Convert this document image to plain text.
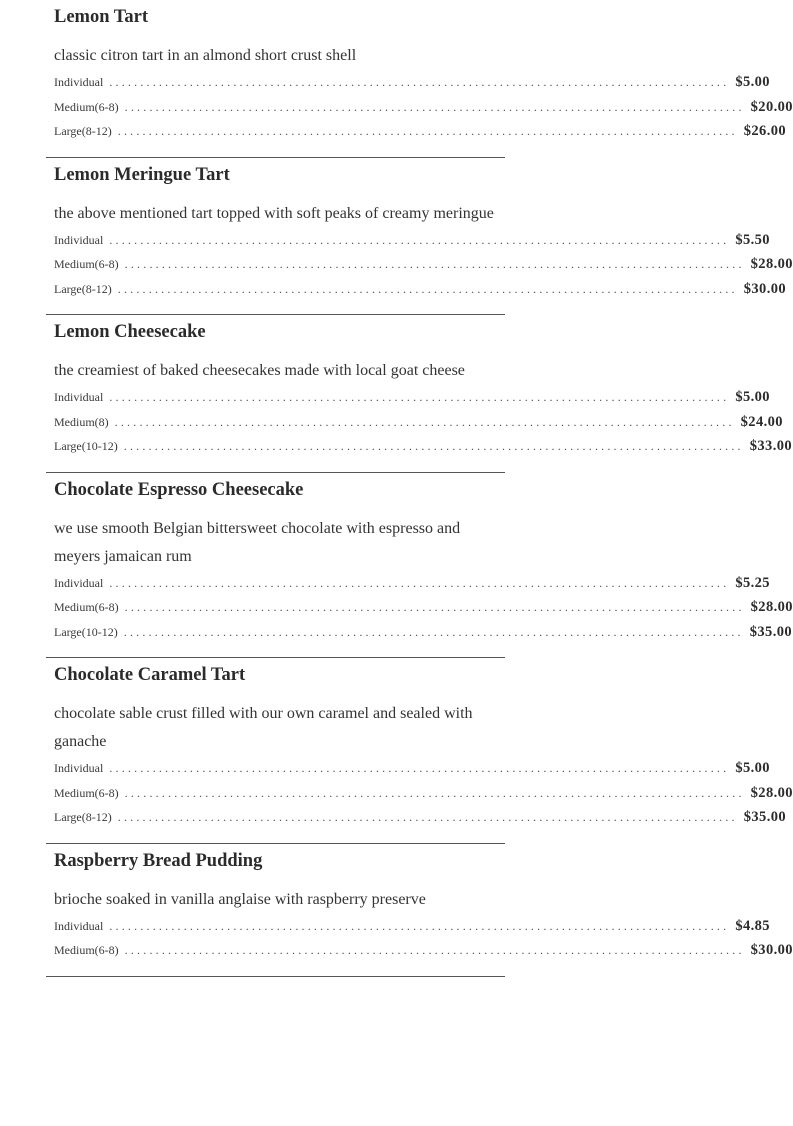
Lemon Tart

classic citron tart in an almond short crust shell

Individual .................................................................................................... $5.00
Medium(6-8) .................................................................................................... $20.00
Large(8-12) .................................................................................................... $26.00
Lemon Meringue Tart

the above mentioned tart topped with soft peaks of creamy meringue

Individual .................................................................................................... $5.50
Medium(6-8) .................................................................................................... $28.00
Large(8-12) .................................................................................................... $30.00
Lemon Cheesecake

the creamiest of baked cheesecakes made with local goat cheese

Individual .................................................................................................... $5.00
Medium(8) .................................................................................................... $24.00
Large(10-12) .................................................................................................... $33.00
Chocolate Espresso Cheesecake

we use smooth Belgian bittersweet chocolate with espresso and meyers jamaican rum

Individual .................................................................................................... $5.25
Medium(6-8) .................................................................................................... $28.00
Large(10-12) .................................................................................................... $35.00
Chocolate Caramel Tart

chocolate sable crust filled with our own caramel and sealed with ganache

Individual .................................................................................................... $5.00
Medium(6-8) .................................................................................................... $28.00
Large(8-12) .................................................................................................... $35.00
Raspberry Bread Pudding

brioche soaked in vanilla anglaise with raspberry preserve

Individual .................................................................................................... $4.85
Medium(6-8) .................................................................................................... $30.00
